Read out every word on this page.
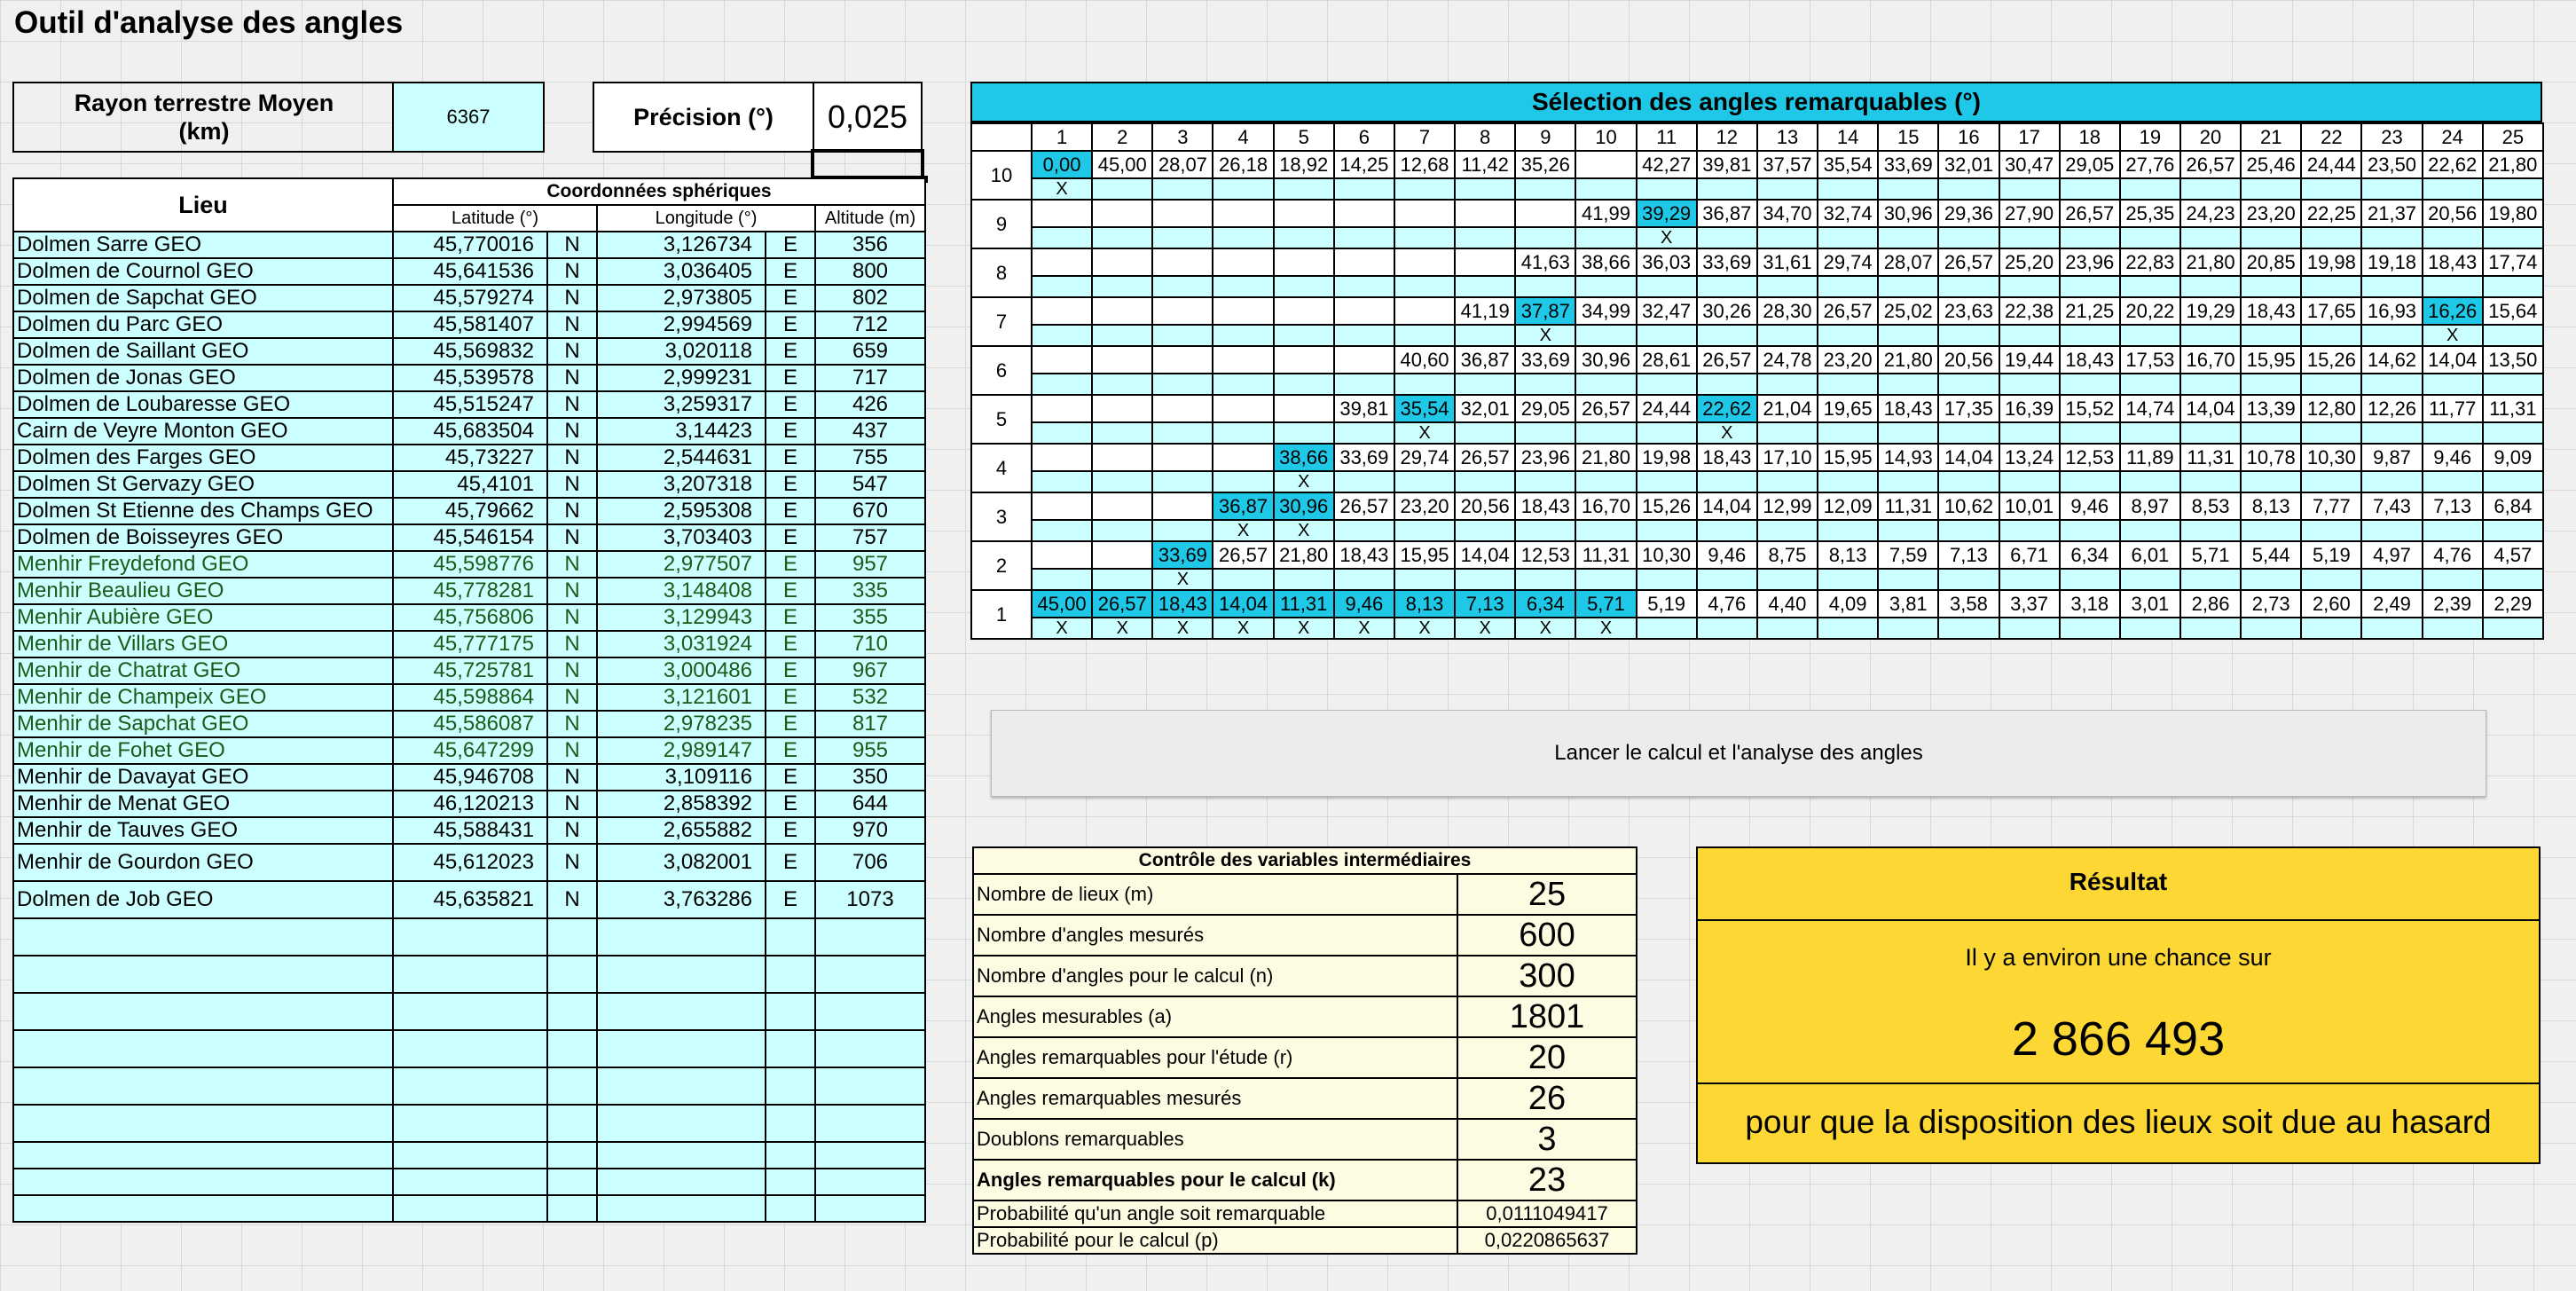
Outil d'analyse des angles
Rayon terrestre Moyen (km)
6367	Précision (°)	0,025
Lieu	Coordonnées sphériques				
	Latitude (°)		Longitude (°)		Altitude (m)
Dolmen Sarre GEO	45,770016	N	3,126734	E	356
Dolmen de Cournol GEO	45,641536	N	3,036405	E	800
Dolmen de Sapchat GEO	45,579274	N	2,973805	E	802
Dolmen du Parc GEO	45,581407	N	2,994569	E	712
Dolmen de Saillant GEO	45,569832	N	3,020118	E	659
Dolmen de Jonas GEO	45,539578	N	2,999231	E	717
Dolmen de Loubaresse GEO	45,515247	N	3,259317	E	426
Cairn de Veyre Monton GEO	45,683504	N	3,14423	E	437
Dolmen des Farges GEO	45,73227	N	2,544631	E	755
Dolmen St Gervazy GEO	45,4101	N	3,207318	E	547
Dolmen St Etienne des Champs GEO	45,79662	N	2,595308	E	670
Dolmen de Boisseyres GEO	45,546154	N	3,703403	E	757
Menhir Freydefond GEO	45,598776	N	2,977507	E	957
Menhir Beaulieu GEO	45,778281	N	3,148408	E	335
Menhir Aubière GEO	45,756806	N	3,129943	E	355
Menhir de Villars GEO	45,777175	N	3,031924	E	710
Menhir de Chatrat GEO	45,725781	N	3,000486	E	967
Menhir de Champeix GEO	45,598864	N	3,121601	E	532
Menhir de Sapchat GEO	45,586087	N	2,978235	E	817
Menhir de Fohet GEO	45,647299	N	2,989147	E	955
Menhir de Davayat GEO	45,946708	N	3,109116	E	350
Menhir de Menat GEO	46,120213	N	2,858392	E	644
Menhir de Tauves GEO	45,588431	N	2,655882	E	970
Menhir de Gourdon GEO	45,612023	N	3,082001	E	706
Dolmen de Job GEO	45,635821	N	3,763286	E	1073

Sélection des angles remarquables (°)
	1	2	3	4	5	6	7	8	9	10	11	12	13	14	15	16	17	18	19	20	21	22	23	24	25
10	0,00	45,00	28,07	26,18	18,92	14,25	12,68	11,42	35,26		42,27	39,81	37,57	35,54	33,69	32,01	30,47	29,05	27,76	26,57	25,46	24,44	23,50	22,62	21,80
	X																								
9										41,99	39,29	36,87	34,70	32,74	30,96	29,36	27,90	26,57	25,35	24,23	23,20	22,25	21,37	20,56	19,80
											X														
8									41,63	38,66	36,03	33,69	31,61	29,74	28,07	26,57	25,20	23,96	22,83	21,80	20,85	19,98	19,18	18,43	17,74

7								41,19	37,87	34,99	32,47	30,26	28,30	26,57	25,02	23,63	22,38	21,25	20,22	19,29	18,43	17,65	16,93	16,26	15,64
									X															X	
6							40,60	36,87	33,69	30,96	28,61	26,57	24,78	23,20	21,80	20,56	19,44	18,43	17,53	16,70	15,95	15,26	14,62	14,04	13,50

5						39,81	35,54	32,01	29,05	26,57	24,44	22,62	21,04	19,65	18,43	17,35	16,39	15,52	14,74	14,04	13,39	12,80	12,26	11,77	11,31
							X					X													
4					38,66	33,69	29,74	26,57	23,96	21,80	19,98	18,43	17,10	15,95	14,93	14,04	13,24	12,53	11,89	11,31	10,78	10,30	9,87	9,46	9,09
					X																				
3				36,87	30,96	26,57	23,20	20,56	18,43	16,70	15,26	14,04	12,99	12,09	11,31	10,62	10,01	9,46	8,97	8,53	8,13	7,77	7,43	7,13	6,84
				X	X																				
2			33,69	26,57	21,80	18,43	15,95	14,04	12,53	11,31	10,30	9,46	8,75	8,13	7,59	7,13	6,71	6,34	6,01	5,71	5,44	5,19	4,97	4,76	4,57
			X																						
1	45,00	26,57	18,43	14,04	11,31	9,46	8,13	7,13	6,34	5,71	5,19	4,76	4,40	4,09	3,81	3,58	3,37	3,18	3,01	2,86	2,73	2,60	2,49	2,39	2,29
	X	X	X	X	X	X	X	X	X	X															
Lancer le calcul et l'analyse des angles
Contrôle des variables intermédiaires	
Nombre de lieux (m)	25
Nombre d'angles mesurés	600
Nombre d'angles pour le calcul (n)	300
Angles mesurables (a)	1801
Angles remarquables pour l'étude (r)	20
Angles remarquables mesurés	26
Doublons remarquables	3
Angles remarquables pour le calcul (k)	23
Probabilité qu'un angle soit remarquable	0,0111049417
Probabilité pour le calcul (p)	0,0220865637
Résultat
Il y a environ une chance sur
2 866 493
pour que la disposition des lieux soit due au hasard
